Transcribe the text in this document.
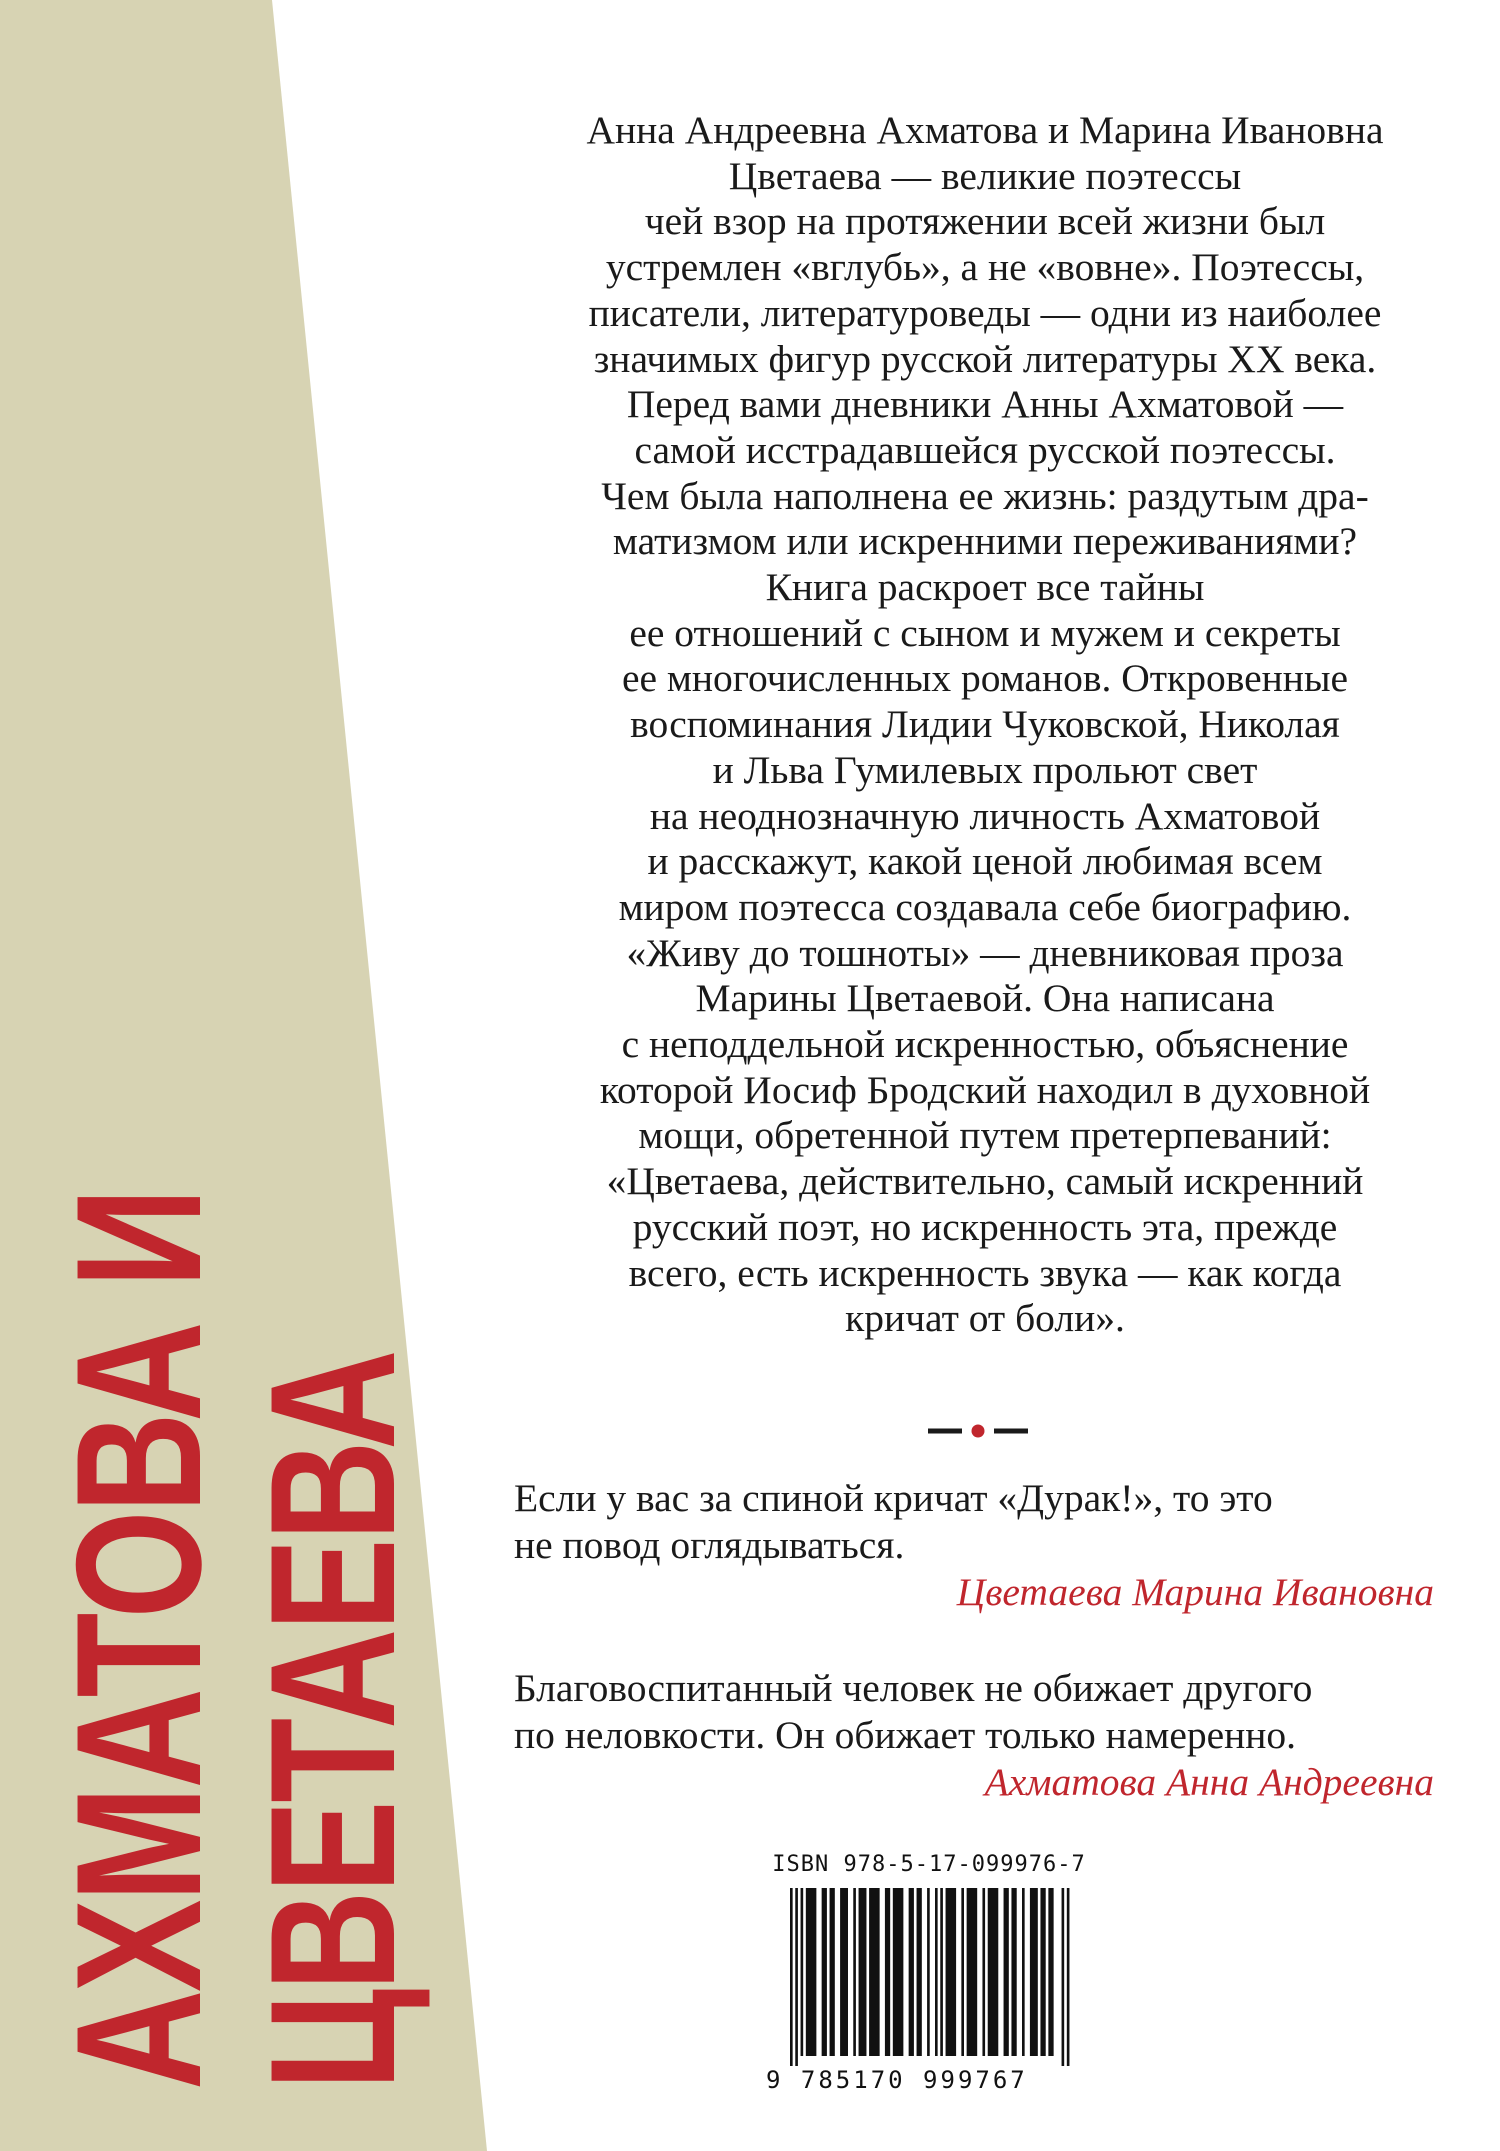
АХМАТОВА И
ЦВЕТАЕВА
Анна Андреевна Ахматова и Марина Ивановна
Цветаева — великие поэтессы
чей взор на протяжении всей жизни был
устремлен «вглубь», а не «вовне». Поэтессы,
писатели, литературоведы — одни из наиболее
значимых фигур русской литературы XX века.
Перед вами дневники Анны Ахматовой —
самой исстрадавшейся русской поэтессы.
Чем была наполнена ее жизнь: раздутым дра-
матизмом или искренними переживаниями?
Книга раскроет все тайны
ее отношений с сыном и мужем и секреты
ее многочисленных романов. Откровенные
воспоминания Лидии Чуковской, Николая
и Льва Гумилевых прольют свет
на неоднозначную личность Ахматовой
и расскажут, какой ценой любимая всем
миром поэтесса создавала себе биографию.
«Живу до тошноты» — дневниковая проза
Марины Цветаевой. Она написана
с неподдельной искренностью, объяснение
которой Иосиф Бродский находил в духовной
мощи, обретенной путем претерпеваний:
«Цветаева, действительно, самый искренний
русский поэт, но искренность эта, прежде
всего, есть искренность звука — как когда
кричат от боли».
Если у вас за спиной кричат «Дурак!», то это
не повод оглядываться.
Цветаева Марина Ивановна
Благовоспитанный человек не обижает другого
по неловкости. Он обижает только намеренно.
Ахматова Анна Андреевна
ISBN 978-5-17-099976-7
9 785170 999767
